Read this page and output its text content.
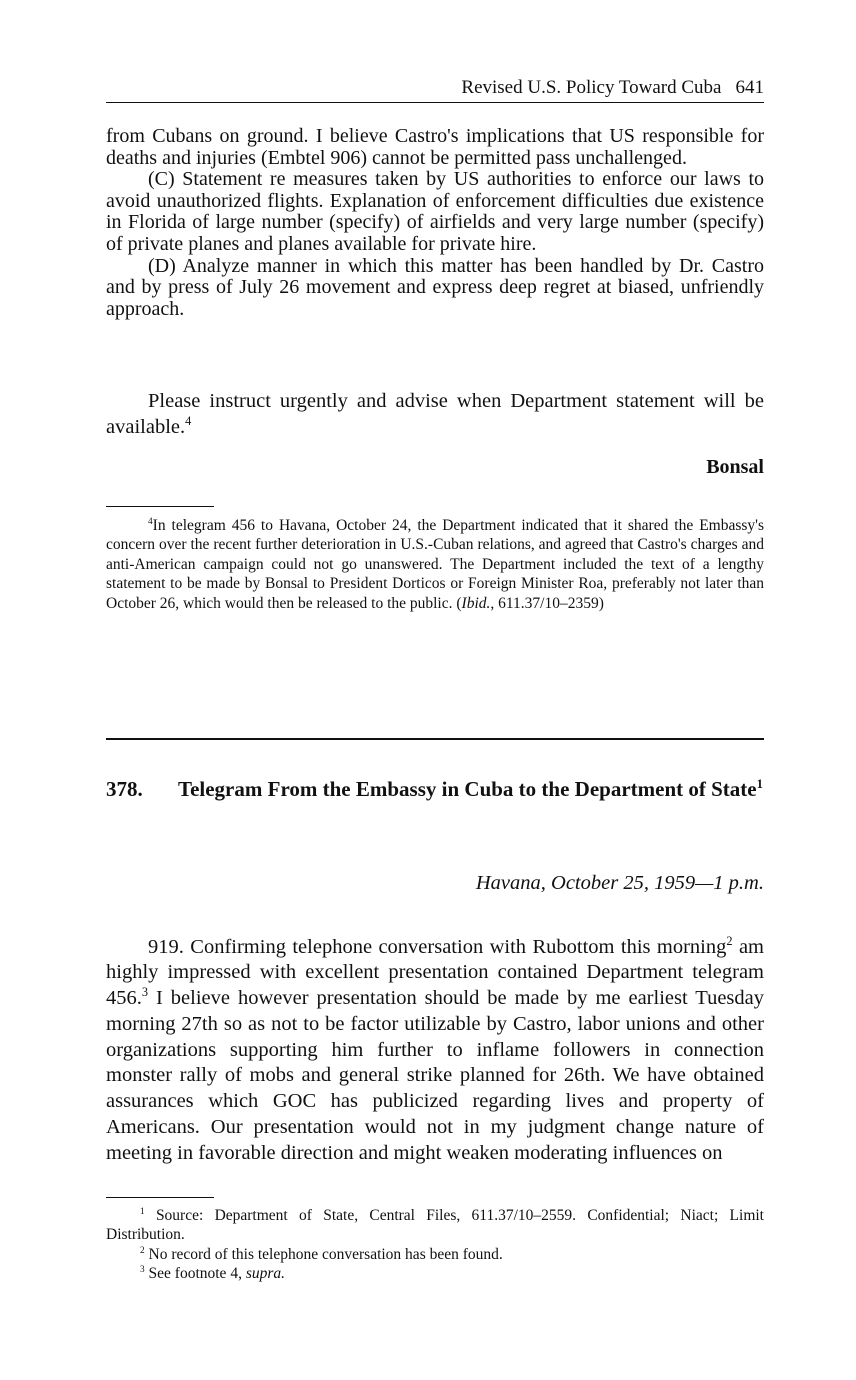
Revised U.S. Policy Toward Cuba 641

from Cubans on ground. I believe Castro's implications that US responsible for deaths and injuries (Embtel 906) cannot be permitted pass unchallenged.

(C) Statement re measures taken by US authorities to enforce our laws to avoid unauthorized flights. Explanation of enforcement difficulties due existence in Florida of large number (specify) of airfields and very large number (specify) of private planes and planes available for private hire.

(D) Analyze manner in which this matter has been handled by Dr. Castro and by press of July 26 movement and express deep regret at biased, unfriendly approach.

Please instruct urgently and advise when Department statement will be available.$^4$

Bonsal

$^4$In telegram 456 to Havana, October 24, the Department indicated that it shared the Embassy's concern over the recent further deterioration in U.S.-Cuban relations, and agreed that Castro's charges and anti-American campaign could not go unanswered. The Department included the text of a lengthy statement to be made by Bonsal to President Dorticos or Foreign Minister Roa, preferably not later than October 26, which would then be released to the public. (Ibid., 611.37/10–2359)

378. Telegram From the Embassy in Cuba to the Department of State$^1$
Havana, October 25, 1959—1 p.m.

919. Confirming telephone conversation with Rubottom this morning$^2$ am highly impressed with excellent presentation contained Department telegram 456.$^3$ I believe however presentation should be made by me earliest Tuesday morning 27th so as not to be factor utilizable by Castro, labor unions and other organizations supporting him further to inflame followers in connection monster rally of mobs and general strike planned for 26th. We have obtained assurances which GOC has publicized regarding lives and property of Americans. Our presentation would not in my judgment change nature of meeting in favorable direction and might weaken moderating influences on

$^1$ Source: Department of State, Central Files, 611.37/10–2559. Confidential; Niact; Limit Distribution.

$^2$ No record of this telephone conversation has been found.

$^3$ See footnote 4, supra.
